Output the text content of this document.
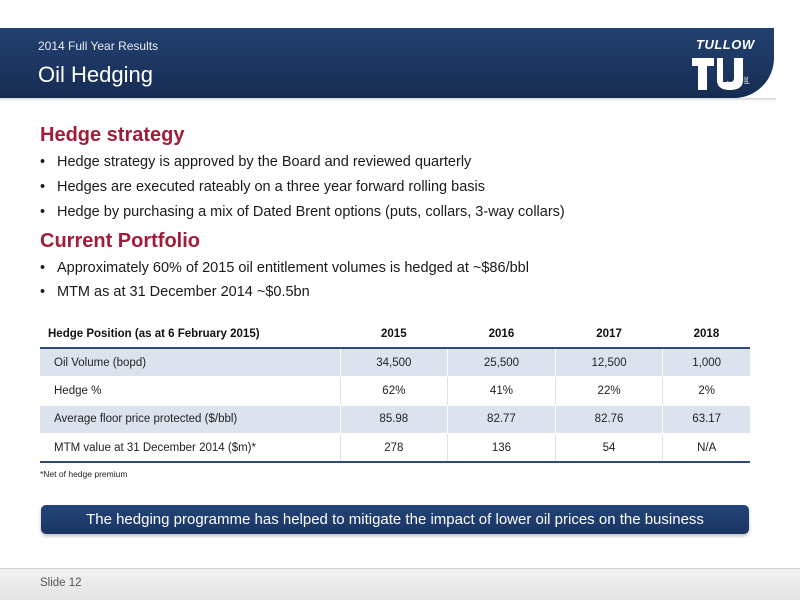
2014 Full Year Results
Oil Hedging
TULLOW
plc
Hedge strategy
• Hedge strategy is approved by the Board and reviewed quarterly
• Hedges are executed rateably on a three year forward rolling basis
• Hedge by purchasing a mix of Dated Brent options (puts, collars, 3-way collars)
Current Portfolio
• Approximately 60% of 2015 oil entitlement volumes is hedged at ~$86/bbl
• MTM as at 31 December 2014 ~$0.5bn
Hedge Position (as at 6 February 2015)	2015	2016	2017	2018
Oil Volume (bopd)	34,500	25,500	12,500	1,000
Hedge %	62%	41%	22%	2%
Average floor price protected ($/bbl)	85.98	82.77	82.76	63.17
MTM value at 31 December 2014 ($m)*	278	136	54	N/A
*Net of hedge premium
The hedging programme has helped to mitigate the impact of lower oil prices on the business
Slide 12
